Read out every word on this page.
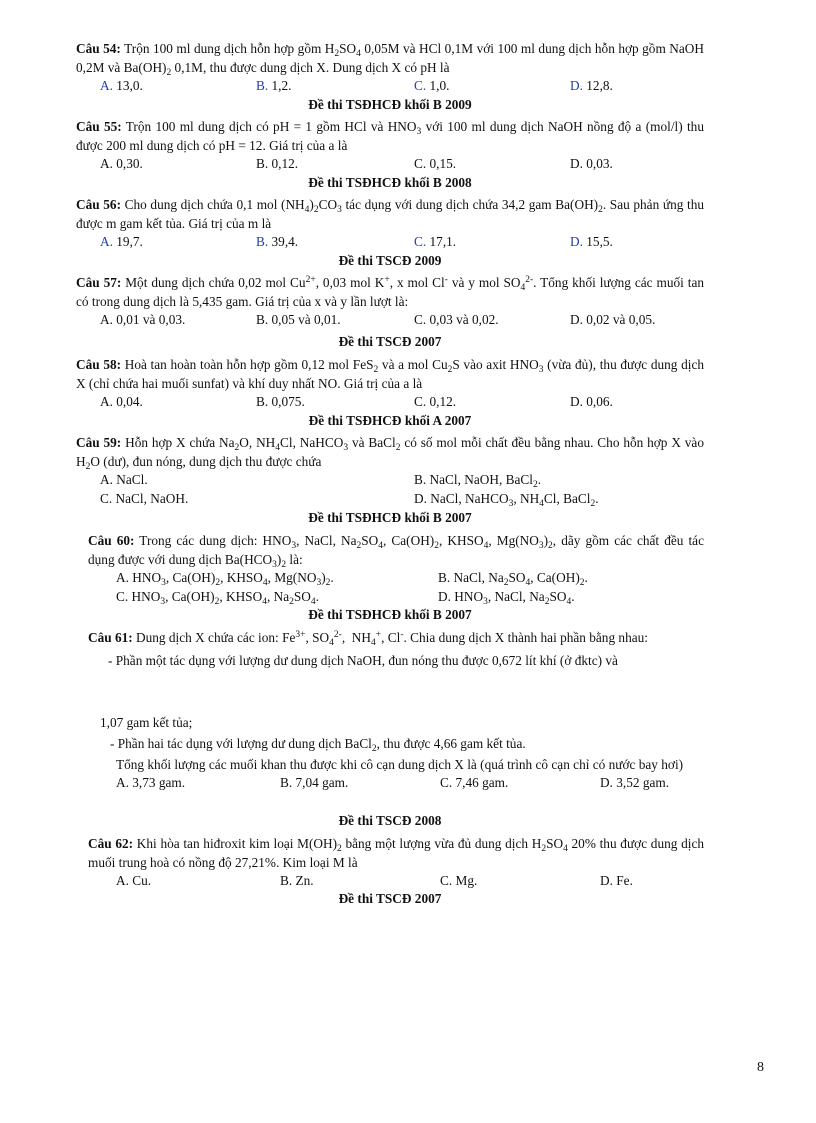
Câu 54: Trộn 100 ml dung dịch hỗn hợp gồm $H_2SO_4$ 0,05M và HCl 0,1M với 100 ml dung dịch hỗn hợp gồm NaOH 0,2M và $Ba(OH)_2$ 0,1M, thu được dung dịch X. Dung dịch X có pH là

A. 13,0.	B. 1,2.	C. 1,0.	D. 12,8.
Đề thi TSĐHCĐ khối B 2009

Câu 55: Trộn 100 ml dung dịch có pH = 1 gồm HCl và $HNO_3$ với 100 ml dung dịch NaOH nồng độ a (mol/l) thu được 200 ml dung dịch có pH = 12. Giá trị của a là

A. 0,30.	B. 0,12.	C. 0,15.	D. 0,03.
Đề thi TSĐHCĐ khối B 2008

Câu 56: Cho dung dịch chứa 0,1 mol $(NH_4)_2CO_3$ tác dụng với dung dịch chứa 34,2 gam $Ba(OH)_2$. Sau phản ứng thu được m gam kết tủa. Giá trị của m là

A. 19,7.	B. 39,4.	C. 17,1.	D. 15,5.
Đề thi TSCĐ 2009

Câu 57: Một dung dịch chứa 0,02 mol $Cu^{2+}$, 0,03 mol K+, x mol Cl- và y mol $SO_4^{2-}$. Tổng khối lượng các muối tan có trong dung dịch là 5,435 gam. Giá trị của x và y lần lượt là:

A. 0,01 và 0,03.	B. 0,05 và 0,01.	C. 0,03 và 0,02.	D. 0,02 và 0,05.
Đề thi TSCĐ 2007

Câu 58: Hoà tan hoàn toàn hỗn hợp gồm 0,12 mol FeS$_2$ và a mol $Cu_2S$ vào axit $HNO_3$ (vừa đủ), thu được dung dịch X (chỉ chứa hai muối sunfat) và khí duy nhất NO. Giá trị của a là

A. 0,04.	B. 0,075.	C. 0,12.	D. 0,06.
Đề thi TSĐHCĐ khối A 2007

Câu 59: Hỗn hợp X chứa $Na_2O$, $NH_4Cl$, NaHCO$_3$ và BaCl$_2$ có số mol mỗi chất đều bằng nhau. Cho hỗn hợp X vào $H_2O$ (dư), đun nóng, dung dịch thu được chứa

A. NaCl.	B. NaCl, NaOH, BaCl$_2$.
C. NaCl, NaOH.	D. NaCl, NaHCO$_3$, $NH_4Cl$, BaCl$_2$.
Đề thi TSĐHCĐ khối B 2007

Câu 60: Trong các dung dịch: $HNO_3$, NaCl, $Na_2SO_4$, $Ca(OH)_2$, $KHSO_4$, $Mg(NO_3)_2$, dãy gồm các chất đều tác dụng được với dung dịch $Ba(HCO_3)_2$ là:

A. $HNO_3$, $Ca(OH)_2$, $KHSO_4$, $Mg(NO_3)_2$.	B. NaCl, $Na_2SO_4$, $Ca(OH)_2$.
C. $HNO_3$, $Ca(OH)_2$, $KHSO_4$, $Na_2SO_4$.	D. $HNO_3$, NaCl, $Na_2SO_4$.
Đề thi TSĐHCĐ khối B 2007

Câu 61: Dung dịch X chứa các ion: $Fe^{3+}$, $SO_4^{2-}$,  $NH_4^+$, Cl-. Chia dung dịch X thành hai phần bằng nhau:

- Phần một tác dụng với lượng dư dung dịch NaOH, đun nóng thu được 0,672 lít khí (ở đktc) và

1,07 gam kết tủa;

- Phần hai tác dụng với lượng dư dung dịch BaCl$_2$, thu được 4,66 gam kết tủa.

Tổng khối lượng các muối khan thu được khi cô cạn dung dịch X là (quá trình cô cạn chỉ có nước bay hơi)

A. 3,73 gam.	B. 7,04 gam.	C. 7,46 gam.	D. 3,52 gam.
Đề thi TSCĐ 2008

Câu 62: Khi hòa tan hiđroxit kim loại $M(OH)_2$ bằng một lượng vừa đủ dung dịch $H_2SO_4$ 20% thu được dung dịch muối trung hoà có nồng độ 27,21%. Kim loại M là

A. Cu.	B. Zn.	C. Mg.	D. Fe.
Đề thi TSCĐ 2007
8
